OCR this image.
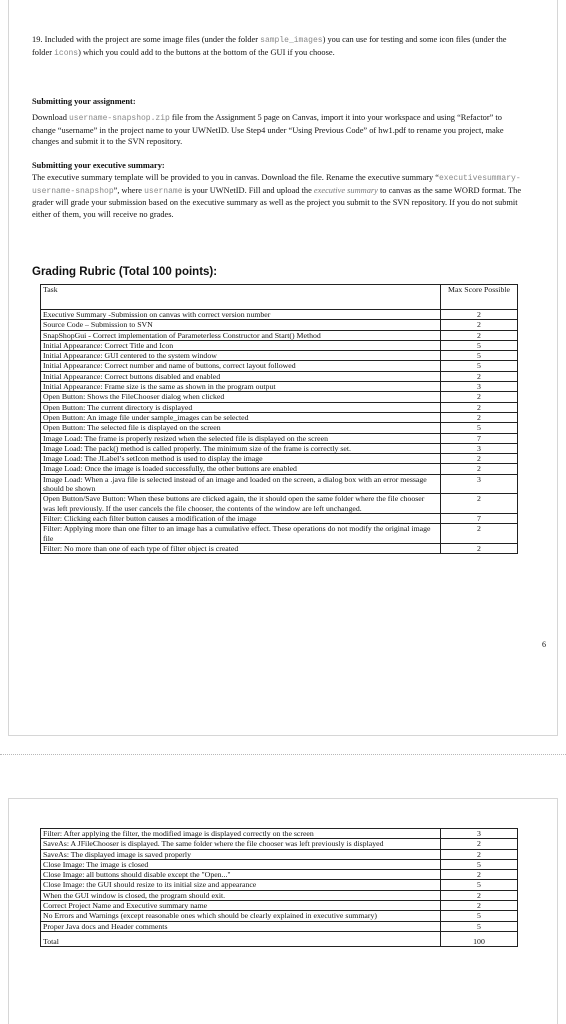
19. Included with the project are some image files (under the folder sample_images) you can use for testing and some icon files (under the folder icons) which you could add to the buttons at the bottom of the GUI if you choose.

Submitting your assignment:

Download username-snapshop.zip file from the Assignment 5 page on Canvas, import it into your workspace and using “Refactor” to change “username” in the project name to your UWNetID. Use Step4 under “Using Previous Code” of hw1.pdf to rename you project, make changes and submit it to the SVN repository.

Submitting your executive summary:

The executive summary template will be provided to you in canvas. Download the file. Rename the executive summary “executivesummary-username-snapshop”, where username is your UWNetID. Fill and upload the executive summary to canvas as the same WORD format. The grader will grade your submission based on the executive summary as well as the project you submit to the SVN repository. If you do not submit either of them, you will receive no grades.

Grading Rubric (Total 100 points):
Task	Max Score Possible
Executive Summary -Submission on canvas with correct version number	2
Source Code – Submission to SVN	2
SnapShopGui - Correct implementation of Parameterless Constructor and Start() Method	2
Initial Appearance: Correct Title and Icon	5
Initial Appearance: GUI centered to the system window	5
Initial Appearance: Correct number and name of buttons, correct layout followed	5
Initial Appearance: Correct buttons disabled and enabled	2
Initial Appearance: Frame size is the same as shown in the program output	3
Open Button: Shows the FileChooser dialog when clicked	2
Open Button: The current directory is displayed	2
Open Button: An image file under sample_images can be selected	2
Open Button: The selected file is displayed on the screen	5
Image Load: The frame is properly resized when the selected file is displayed on the screen	7
Image Load: The pack() method is called properly. The minimum size of the frame is correctly set.	3
Image Load: The JLabel’s setIcon method is used to display the image	2
Image Load: Once the image is loaded successfully, the other buttons are enabled	2
Image Load: When a .java file is selected instead of an image and loaded on the screen, a dialog box with an error message should be shown	3
Open Button/Save Button: When these buttons are clicked again, the it should open the same folder where the file chooser was left previously. If the user cancels the file chooser, the contents of the window are left unchanged.	2
Filter: Clicking each filter button causes a modification of the image	7
Filter: Applying more than one filter to an image has a cumulative effect. These operations do not modify the original image file	2
Filter: No more than one of each type of filter object is created	2
6
Filter: After applying the filter, the modified image is displayed correctly on the screen	3
SaveAs: A JFileChooser is displayed. The same folder where the file chooser was left previously is displayed	2
SaveAs: The displayed image is saved properly	2
Close Image: The image is closed	5
Close Image: all buttons should disable except the "Open..."	2
Close Image: the GUI should resize to its initial size and appearance	5
When the GUI window is closed, the program should exit.	2
Correct Project Name and Executive summary name	2
No Errors and Warnings (except reasonable ones which should be clearly explained in executive summary)	5
Proper Java docs and Header comments	5
Total	100
